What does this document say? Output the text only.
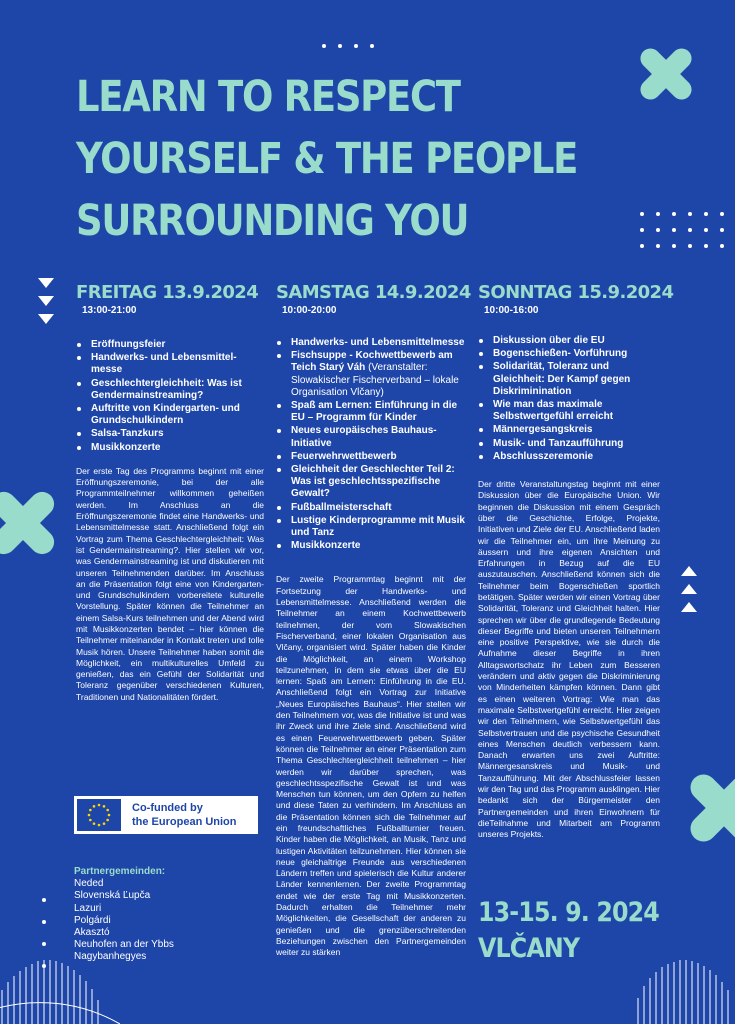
LEARN TO RESPECT
YOURSELF & THE PEOPLE
SURROUNDING YOU
FREITAG 13.9.2024

13:00-21:00

Eröffnungsfeier
Handwerks- und Lebensmittel-messe
Geschlechtergleichheit: Was ist Gendermainstreaming?
Auftritte von Kindergarten- und Grundschulkindern
Salsa-Tanzkurs
Musikkonzerte

Der erste Tag des Programms beginnt mit einer Eröffnungszeremonie, bei der alle Programmteilnehmer willkommen geheißen werden. Im Anschluss an die Eröffnungszeremonie findet eine Handwerks- und Lebensmittelmesse statt. Anschließend folgt ein Vortrag zum Thema Geschlechtergleichheit: Was ist Gendermainstreaming?. Hier stellen wir vor, was Gendermainstreaming ist und diskutieren mit unseren Teilnehmenden darüber. Im Anschluss an die Präsentation folgt eine von Kindergarten- und Grundschulkindern vorbereitete kulturelle Vorstellung. Später können die Teilnehmer an einem Salsa-Kurs teilnehmen und der Abend wird mit Musikkonzerten bendet – hier können die Teilnehmer miteinander in Kontakt treten und tolle Musik hören. Unsere Teilnehmer haben somit die Möglichkeit, ein multikulturelles Umfeld zu genießen, das ein Gefühl der Solidarität und Toleranz gegenüber verschiedenen Kulturen, Traditionen und Nationalitäten fördert.

SAMSTAG 14.9.2024

10:00-20:00

Handwerks- und Lebensmittelmesse
Fischsuppe - Kochwettbewerb am Teich Starý Váh (Veranstalter: Slowakischer Fischerverband – lokale Organisation Vlčany)
Spaß am Lernen: Einführung in die EU – Programm für Kinder
Neues europäisches Bauhaus- Initiative
Feuerwehrwettbewerb
Gleichheit der Geschlechter Teil 2: Was ist geschlechtsspezifische Gewalt?
Fußballmeisterschaft
Lustige Kinderprogramme mit Musik und Tanz
Musikkonzerte

Der zweite Programmtag beginnt mit der Fortsetzung der Handwerks- und Lebensmittelmesse. Anschließend werden die Teilnehmer an einem Kochwettbewerb teilnehmen, der vom Slowakischen Fischerverband, einer lokalen Organisation aus Vlčany, organisiert wird. Später haben die Kinder die Möglichkeit, an einem Workshop teilzunehmen, in dem sie etwas über die EU lernen: Spaß am Lernen: Einführung in die EU. Anschließend folgt ein Vortrag zur Initiative „Neues Europäisches Bauhaus“. Hier stellen wir den Teilnehmern vor, was die Initiative ist und was ihr Zweck und ihre Ziele sind. Anschließend wird es einen Feuerwehrwettbewerb geben. Später können die Teilnehmer an einer Präsentation zum Thema Geschlechtergleichheit teilnehmen – hier werden wir darüber sprechen, was geschlechtsspezifische Gewalt ist und was Menschen tun können, um den Opfern zu helfen und diese Taten zu verhindern. Im Anschluss an die Präsentation können sich die Teilnehmer auf ein freundschaftliches Fußballturnier freuen. Kinder haben die Möglichkeit, an Musik, Tanz und lustigen Aktivitäten teilzunehmen. Hier können sie neue gleichaltrige Freunde aus verschiedenen Ländern treffen und spielerisch die Kultur anderer Länder kennenlernen. Der zweite Programmtag endet wie der erste Tag mit Musikkonzerten. Dadurch erhalten die Teilnehmer mehr Möglichkeiten, die Gesellschaft der anderen zu genießen und die grenzüberschreitenden Beziehungen zwischen den Partnergemeinden weiter zu stärken

SONNTAG 15.9.2024

10:00-16:00

Diskussion über die EU
Bogenschießen- Vorführung
Solidarität, Toleranz und Gleichheit: Der Kampf gegen Diskriminination
Wie man das maximale Selbstwertgefühl erreicht
Männergesangskreis
Musik- und Tanzaufführung
Abschlusszeremonie

Der dritte Veranstaltungstag beginnt mit einer Diskussion über die Europäische Union. Wir beginnen die Diskussion mit einem Gespräch über die Geschichte, Erfolge, Projekte, Initiativen und Ziele der EU. Anschließend laden wir die Teilnehmer ein, um ihre Meinung zu äussern und ihre eigenen Ansichten und Erfahrungen in Bezug auf die EU auszutauschen. Anschließend können sich die Teilnehmer beim Bogenschießen sportlich betätigen. Später werden wir einen Vortrag über Solidarität, Toleranz und Gleichheit halten. Hier sprechen wir über die grundlegende Bedeutung dieser Begriffe und bieten unseren Teilnehmern eine positive Perspektive, wie sie durch die Aufnahme dieser Begriffe in ihren Alltagswortschatz ihr Leben zum Besseren verändern und aktiv gegen die Diskriminierung von Minderheiten kämpfen können. Dann gibt es einen weiteren Vortrag: Wie man das maximale Selbstwertgefühl erreicht. Hier zeigen wir den Teilnehmern, wie Selbstwertgefühl das Selbstvertrauen und die psychische Gesundheit eines Menschen deutlich verbessern kann. Danach erwarten uns zwei Auftritte: Männergesanskreis und Musik- und Tanzaufführung. Mit der Abschlussfeier lassen wir den Tag und das Programm ausklingen. Hier bedankt sich der Bürgermeister den Partnergemeinden und ihren Einwohnern für dieTeilnahme und Mitarbeit am Programm unseres Projekts.

Co-funded by
the European Union

Partnergemeinden:

Neded
Slovenská Ľupča
Lazuri
Polgárdi
Akasztó
Neuhofen an der Ybbs
Nagybanhegyes

13-15. 9. 2024

VLČANY
